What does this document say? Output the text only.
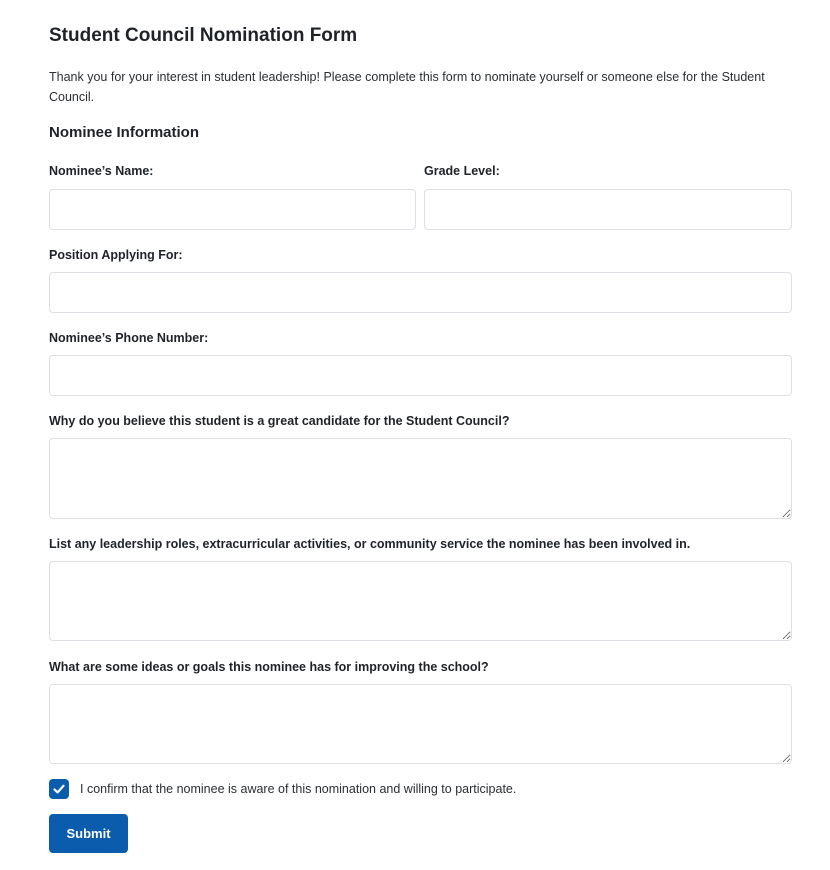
Student Council Nomination Form

Thank you for your interest in student leadership! Please complete this form to nominate yourself or someone else for the Student Council.

Nominee Information
Nominee’s Name:	Grade Level:
Position Applying For:
Nominee’s Phone Number:
Why do you believe this student is a great candidate for the Student Council?
List any leadership roles, extracurricular activities, or community service the nominee has been involved in.
What are some ideas or goals this nominee has for improving the school?
I confirm that the nominee is aware of this nomination and willing to participate.
Submit
